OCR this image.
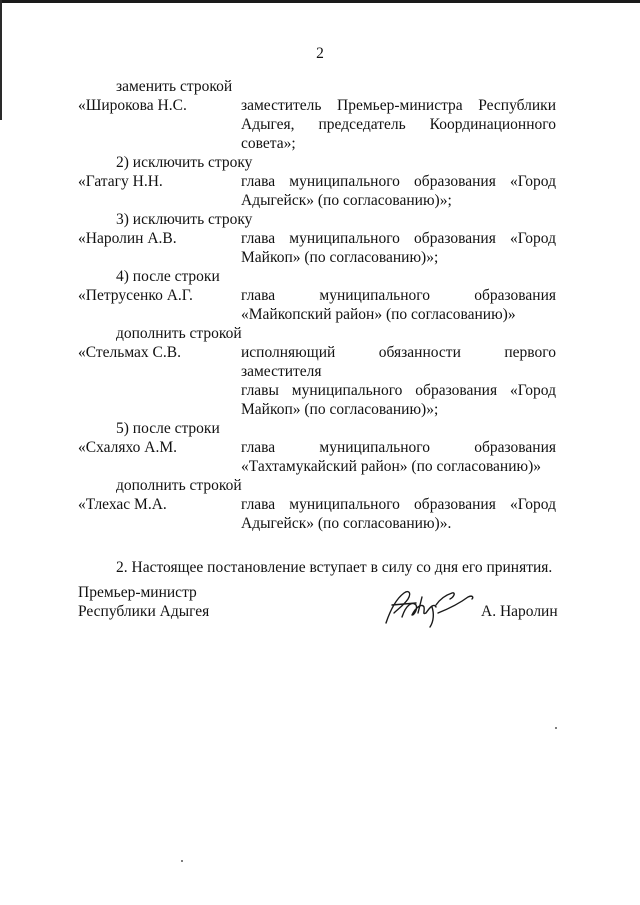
2
заменить строкой
«Широкова Н.С.	заместитель Премьер-министра Республики
Адыгея, председатель Координационного
совета»;
2) исключить строку
«Гатагу Н.Н.	глава муниципального образования «Город
Адыгейск» (по согласованию)»;
3) исключить строку
«Наролин А.В.	глава муниципального образования «Город
Майкоп» (по согласованию)»;
4) после строки
«Петрусенко А.Г.	глава муниципального образования
«Майкопский район» (по согласованию)»
дополнить строкой
«Стельмах С.В.	исполняющий обязанности первого заместителя
главы муниципального образования «Город
Майкоп» (по согласованию)»;
5) после строки
«Схаляхо А.М.	глава муниципального образования
«Тахтамукайский район» (по согласованию)»
дополнить строкой
«Тлехас М.А.	глава муниципального образования «Город
Адыгейск» (по согласованию)».
2. Настоящее постановление вступает в силу со дня его принятия.
Премьер-министр
Республики Адыгея	А. Наролин
